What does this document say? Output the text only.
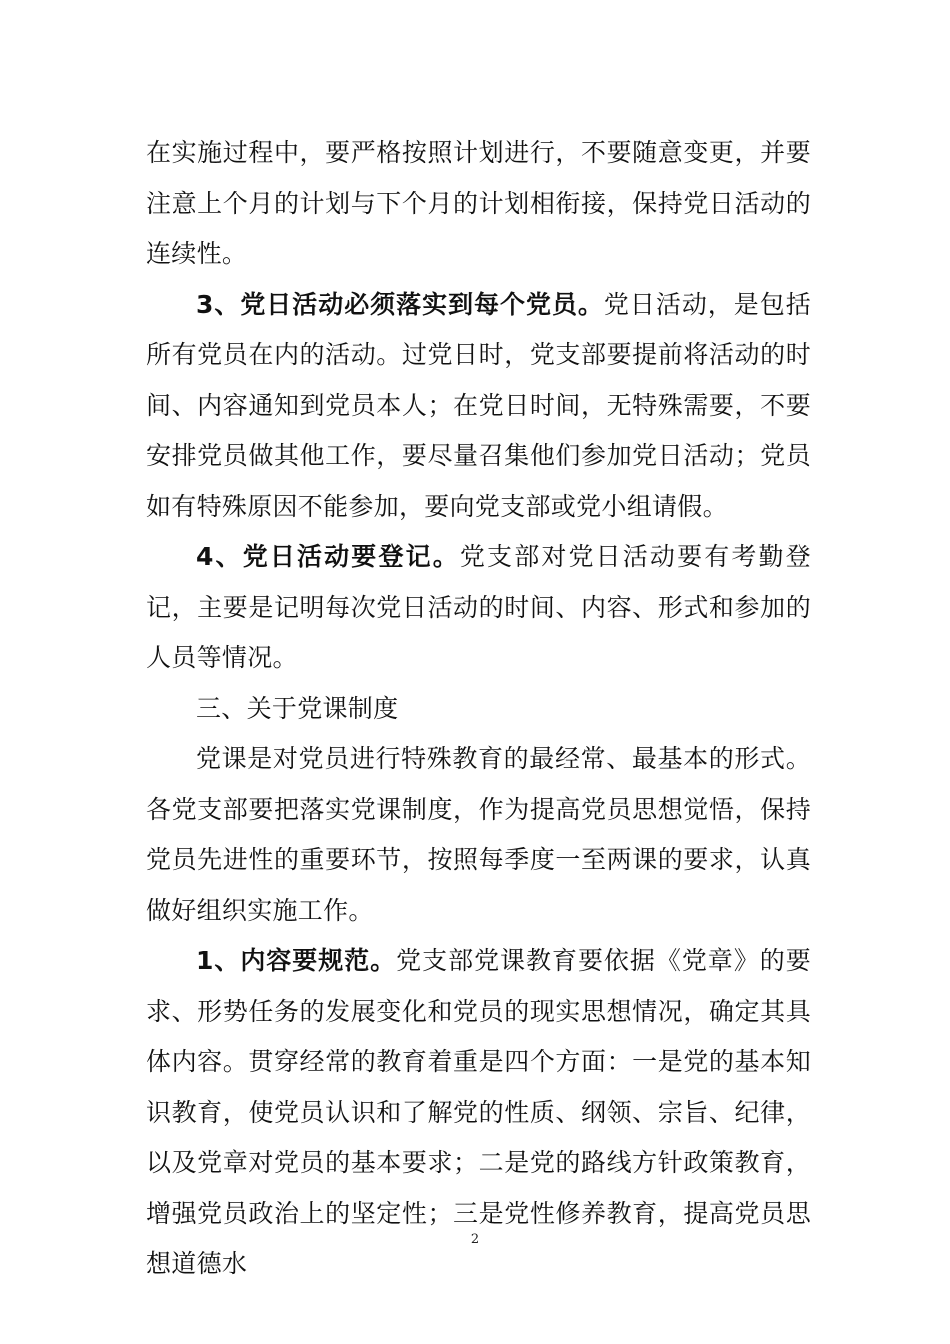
在实施过程中，要严格按照计划进行，不要随意变更，并要注意上个月的计划与下个月的计划相衔接，保持党日活动的连续性。

3、党日活动必须落实到每个党员。党日活动，是包括所有党员在内的活动。过党日时，党支部要提前将活动的时间、内容通知到党员本人；在党日时间，无特殊需要，不要安排党员做其他工作，要尽量召集他们参加党日活动；党员如有特殊原因不能参加，要向党支部或党小组请假。

4、党日活动要登记。党支部对党日活动要有考勤登记，主要是记明每次党日活动的时间、内容、形式和参加的人员等情况。

三、关于党课制度

党课是对党员进行特殊教育的最经常、最基本的形式。各党支部要把落实党课制度，作为提高党员思想觉悟，保持党员先进性的重要环节，按照每季度一至两课的要求，认真做好组织实施工作。

1、内容要规范。党支部党课教育要依据《党章》的要求、形势任务的发展变化和党员的现实思想情况，确定其具体内容。贯穿经常的教育着重是四个方面：一是党的基本知识教育，使党员认识和了解党的性质、纲领、宗旨、纪律，以及党章对党员的基本要求；二是党的路线方针政策教育，增强党员政治上的坚定性；三是党性修养教育，提高党员思想道德水

2
